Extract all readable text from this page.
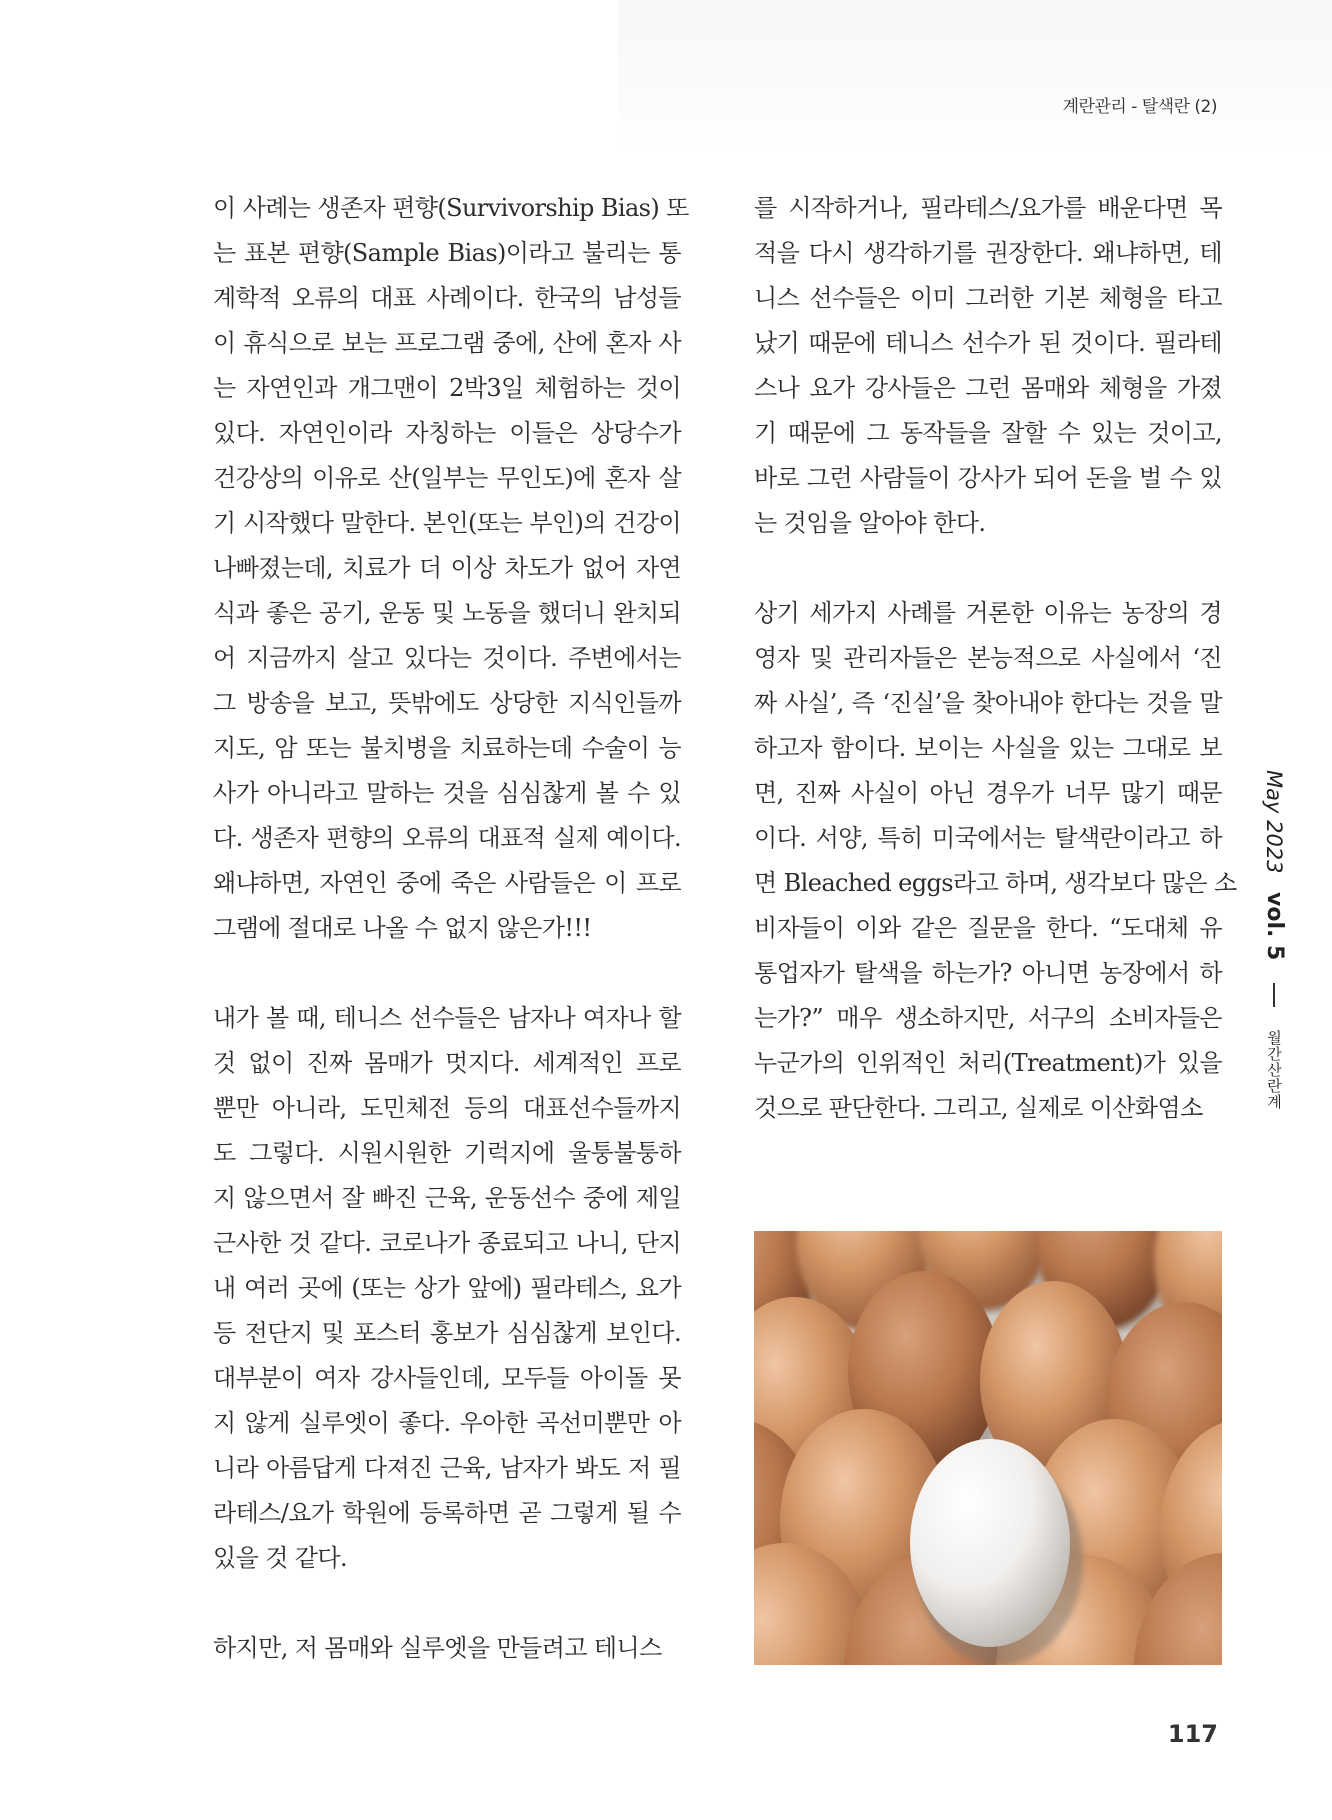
계란관리 - 탈색란 (2)
이 사례는 생존자 편향(Survivorship Bias) 또
는 표본 편향(Sample Bias)이라고 불리는 통
계학적 오류의 대표 사례이다. 한국의 남성들
이 휴식으로 보는 프로그램 중에, 산에 혼자 사
는 자연인과 개그맨이 2박3일 체험하는 것이
있다. 자연인이라 자칭하는 이들은 상당수가
건강상의 이유로 산(일부는 무인도)에 혼자 살
기 시작했다 말한다. 본인(또는 부인)의 건강이
나빠졌는데, 치료가 더 이상 차도가 없어 자연
식과 좋은 공기, 운동 및 노동을 했더니 완치되
어 지금까지 살고 있다는 것이다. 주변에서는
그 방송을 보고, 뜻밖에도 상당한 지식인들까
지도, 암 또는 불치병을 치료하는데 수술이 능
사가 아니라고 말하는 것을 심심찮게 볼 수 있
다. 생존자 편향의 오류의 대표적 실제 예이다.
왜냐하면, 자연인 중에 죽은 사람들은 이 프로
그램에 절대로 나올 수 없지 않은가!!!
내가 볼 때, 테니스 선수들은 남자나 여자나 할
것 없이 진짜 몸매가 멋지다. 세계적인 프로
뿐만 아니라, 도민체전 등의 대표선수들까지
도 그렇다. 시원시원한 기럭지에 울퉁불퉁하
지 않으면서 잘 빠진 근육, 운동선수 중에 제일
근사한 것 같다. 코로나가 종료되고 나니, 단지
내 여러 곳에 (또는 상가 앞에) 필라테스, 요가
등 전단지 및 포스터 홍보가 심심찮게 보인다.
대부분이 여자 강사들인데, 모두들 아이돌 못
지 않게 실루엣이 좋다. 우아한 곡선미뿐만 아
니라 아름답게 다져진 근육, 남자가 봐도 저 필
라테스/요가 학원에 등록하면 곧 그렇게 될 수
있을 것 같다.
하지만, 저 몸매와 실루엣을 만들려고 테니스
를 시작하거나, 필라테스/요가를 배운다면 목
적을 다시 생각하기를 권장한다. 왜냐하면, 테
니스 선수들은 이미 그러한 기본 체형을 타고
났기 때문에 테니스 선수가 된 것이다. 필라테
스나 요가 강사들은 그런 몸매와 체형을 가졌
기 때문에 그 동작들을 잘할 수 있는 것이고,
바로 그런 사람들이 강사가 되어 돈을 벌 수 있
는 것임을 알아야 한다.
상기 세가지 사례를 거론한 이유는 농장의 경
영자 및 관리자들은 본능적으로 사실에서 ‘진
짜 사실’, 즉 ‘진실’을 찾아내야 한다는 것을 말
하고자 함이다. 보이는 사실을 있는 그대로 보
면, 진짜 사실이 아닌 경우가 너무 많기 때문
이다. 서양, 특히 미국에서는 탈색란이라고 하
면 Bleached eggs라고 하며, 생각보다 많은 소
비자들이 이와 같은 질문을 한다. “도대체 유
통업자가 탈색을 하는가? 아니면 농장에서 하
는가?” 매우 생소하지만, 서구의 소비자들은
누군가의 인위적인 처리(Treatment)가 있을
것으로 판단한다. 그리고, 실제로 이산화염소
May 2023 vol. 5  월간산란계
117
